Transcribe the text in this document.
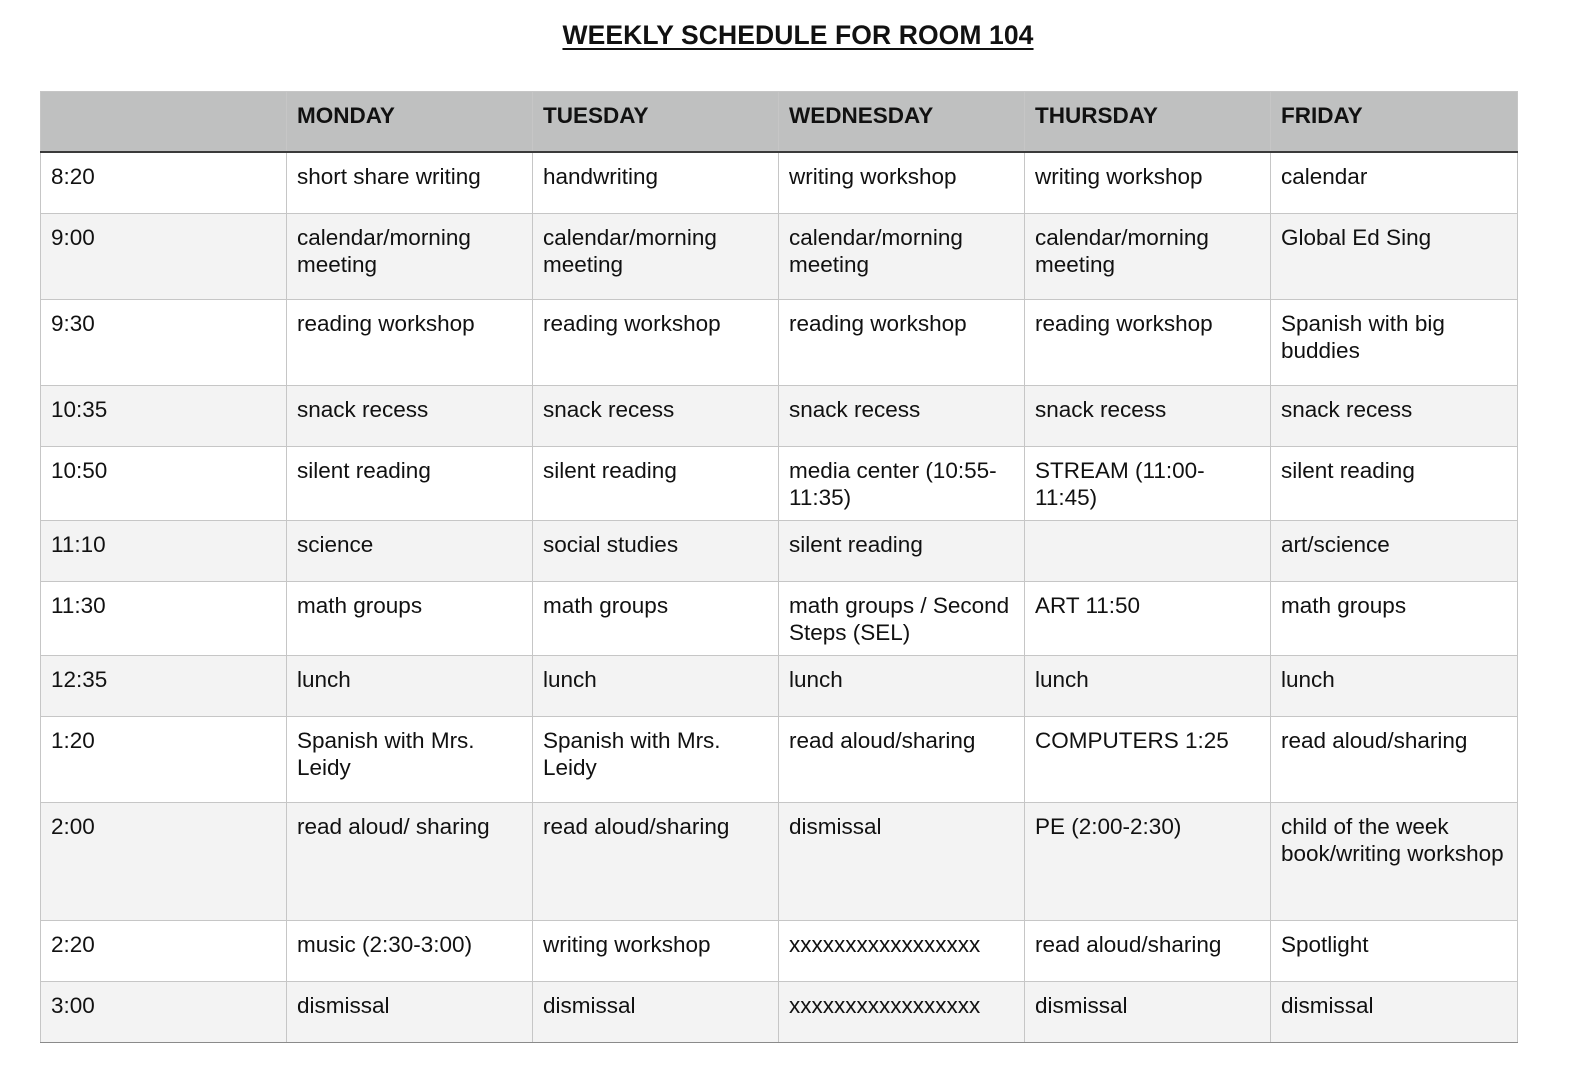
WEEKLY SCHEDULE FOR ROOM 104
	MONDAY	TUESDAY	WEDNESDAY	THURSDAY	FRIDAY
8:20	short share writing	handwriting	writing workshop	writing workshop	calendar
9:00	calendar/morning meeting	calendar/morning meeting	calendar/morning meeting	calendar/morning meeting	Global Ed Sing
9:30	reading workshop	reading workshop	reading workshop	reading workshop	Spanish with big buddies
10:35	snack recess	snack recess	snack recess	snack recess	snack recess
10:50	silent reading	silent reading	media center (10:55-11:35)	STREAM (11:00-11:45)	silent reading
11:10	science	social studies	silent reading		art/science
11:30	math groups	math groups	math groups / Second Steps (SEL)	ART 11:50	math groups
12:35	lunch	lunch	lunch	lunch	lunch
1:20	Spanish with Mrs. Leidy	Spanish with Mrs. Leidy	read aloud/sharing	COMPUTERS 1:25	read aloud/sharing
2:00	read aloud/ sharing	read aloud/sharing	dismissal	PE (2:00-2:30)	child of the week book/writing workshop
2:20	music (2:30-3:00)	writing workshop	xxxxxxxxxxxxxxxxx	read aloud/sharing	Spotlight
3:00	dismissal	dismissal	xxxxxxxxxxxxxxxxx	dismissal	dismissal
